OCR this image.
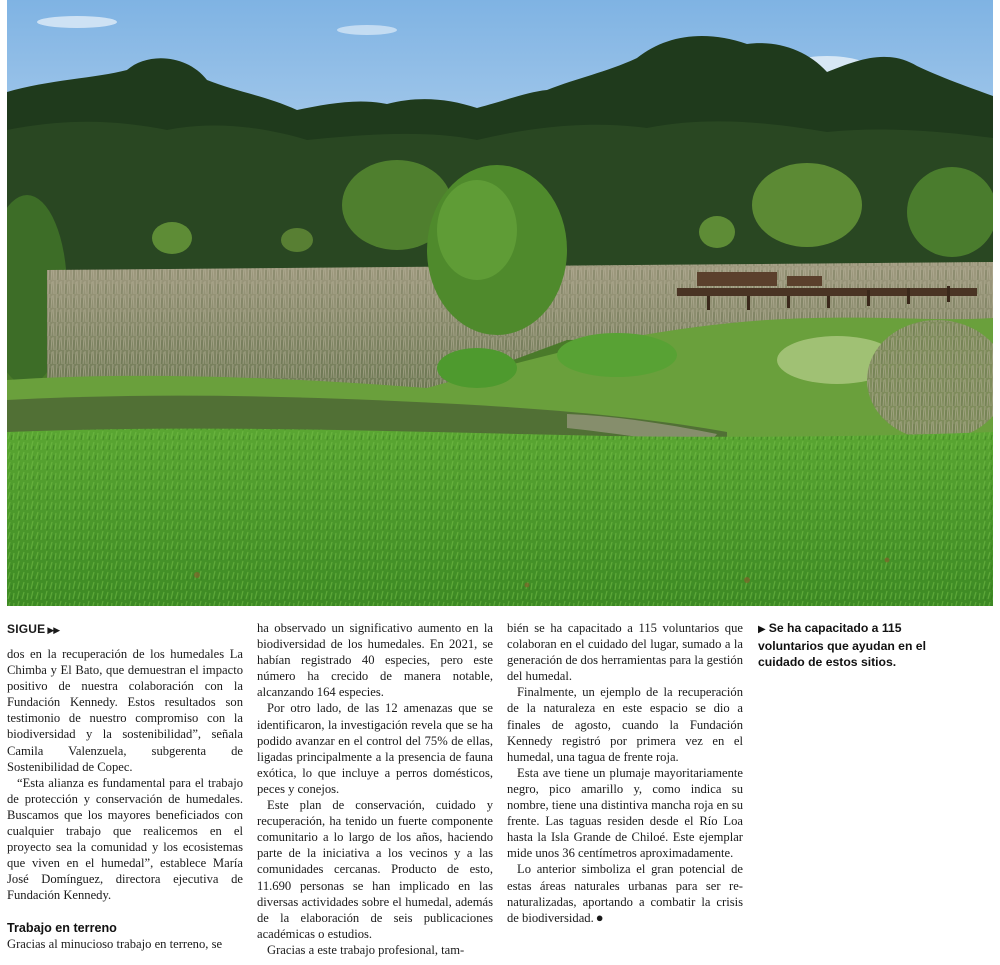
SIGUE ▶▶

dos en la recuperación de los humedales La Chimba y El Bato, que demuestran el impacto positivo de nuestra colaboración con la Fundación Kennedy. Estos resultados son testimonio de nuestro compromiso con la biodiversidad y la sostenibilidad”, señala Camila Valenzuela, subgerenta de Sostenibilidad de Copec.

“Esta alianza es fundamental para el trabajo de protección y conservación de humedales. Buscamos que los mayores beneficiados con cualquier trabajo que realicemos en el proyecto sea la comunidad y los ecosistemas que viven en el humedal”, establece María José Domínguez, directora ejecutiva de Fundación Kennedy.

Trabajo en terreno

Gracias al minucioso trabajo en terreno, se

ha observado un significativo aumento en la biodiversidad de los humedales. En 2021, se habían registrado 40 especies, pero este número ha crecido de manera notable, alcanzando 164 especies.

Por otro lado, de las 12 amenazas que se identificaron, la investigación revela que se ha podido avanzar en el control del 75% de ellas, ligadas principalmente a la presencia de fauna exótica, lo que incluye a perros domésticos, peces y conejos.

Este plan de conservación, cuidado y recuperación, ha tenido un fuerte componente comunitario a lo largo de los años, haciendo parte de la iniciativa a los vecinos y a las comunidades cercanas. Producto de esto, 11.690 personas se han implicado en las diversas actividades sobre el humedal, además de la elaboración de seis publicaciones académicas o estudios.

Gracias a este trabajo profesional, tam-

bién se ha capacitado a 115 voluntarios que colaboran en el cuidado del lugar, sumado a la generación de dos herramientas para la gestión del humedal.

Finalmente, un ejemplo de la recuperación de la naturaleza en este espacio se dio a finales de agosto, cuando la Fundación Kennedy registró por primera vez en el humedal, una tagua de frente roja.

Esta ave tiene un plumaje mayoritariamente negro, pico amarillo y, como indica su nombre, tiene una distintiva mancha roja en su frente. Las taguas residen desde el Río Loa hasta la Isla Grande de Chiloé. Este ejemplar mide unos 36 centímetros aproximadamente.

Lo anterior simboliza el gran potencial de estas áreas naturales urbanas para ser re-naturalizadas, aportando a combatir la crisis de biodiversidad. ●

▶ Se ha capacitado a 115 voluntarios que ayudan en el cuidado de estos sitios.
